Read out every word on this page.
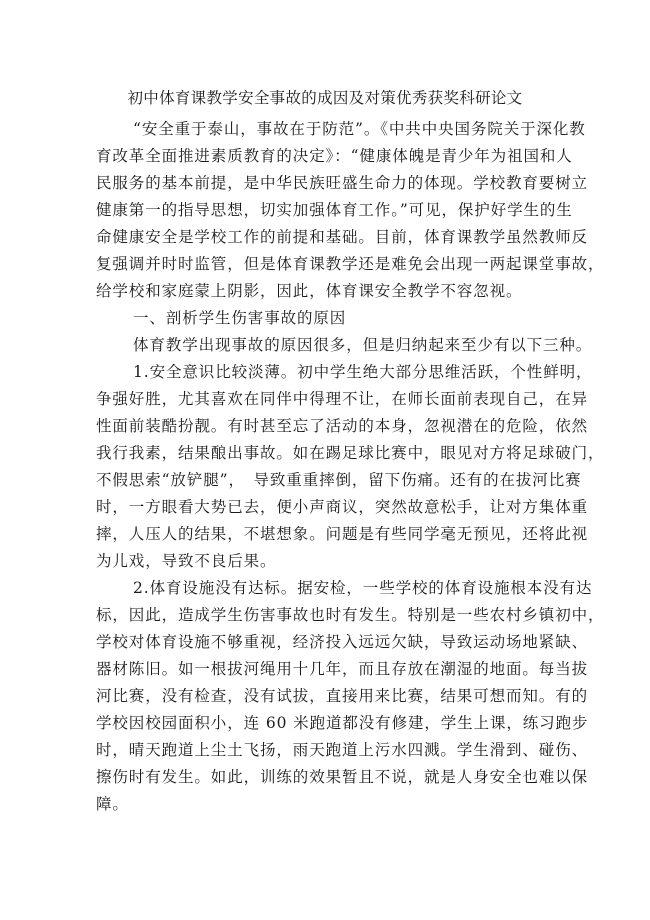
初中体育课教学安全事故的成因及对策优秀获奖科研论文
“安全重于泰山，事故在于防范”。《中共中央国务院关于深化教
育改革全面推进素质教育的决定》：“健康体魄是青少年为祖国和人
民服务的基本前提，是中华民族旺盛生命力的体现。学校教育要树立
健康第一的指导思想，切实加强体育工作。”可见，保护好学生的生
命健康安全是学校工作的前提和基础。目前，体育课教学虽然教师反
复强调并时时监管，但是体育课教学还是难免会出现一两起课堂事故，
给学校和家庭蒙上阴影，因此，体育课安全教学不容忽视。
一、剖析学生伤害事故的原因
体育教学出现事故的原因很多，但是归纳起来至少有以下三种。
1.安全意识比较淡薄。初中学生绝大部分思维活跃，个性鲜明，
争强好胜，尤其喜欢在同伴中得理不让，在师长面前表现自己，在异
性面前装酷扮靓。有时甚至忘了活动的本身，忽视潜在的危险，依然
我行我素，结果酿出事故。如在踢足球比赛中，眼见对方将足球破门，
不假思索“放铲腿”，　导致重重摔倒，留下伤痛。还有的在拔河比赛
时，一方眼看大势已去，便小声商议，突然故意松手，让对方集体重
摔，人压人的结果，不堪想象。问题是有些同学毫无预见，还将此视
为儿戏，导致不良后果。
2.体育设施没有达标。据安检，一些学校的体育设施根本没有达
标，因此，造成学生伤害事故也时有发生。特别是一些农村乡镇初中，
学校对体育设施不够重视，经济投入远远欠缺，导致运动场地紧缺、
器材陈旧。如一根拔河绳用十几年，而且存放在潮湿的地面。每当拔
河比赛，没有检查，没有试拔，直接用来比赛，结果可想而知。有的
学校因校园面积小，连 60 米跑道都没有修建，学生上课，练习跑步
时，晴天跑道上尘土飞扬，雨天跑道上污水四溅。学生滑到、碰伤、
擦伤时有发生。如此，训练的效果暂且不说，就是人身安全也难以保
障。
